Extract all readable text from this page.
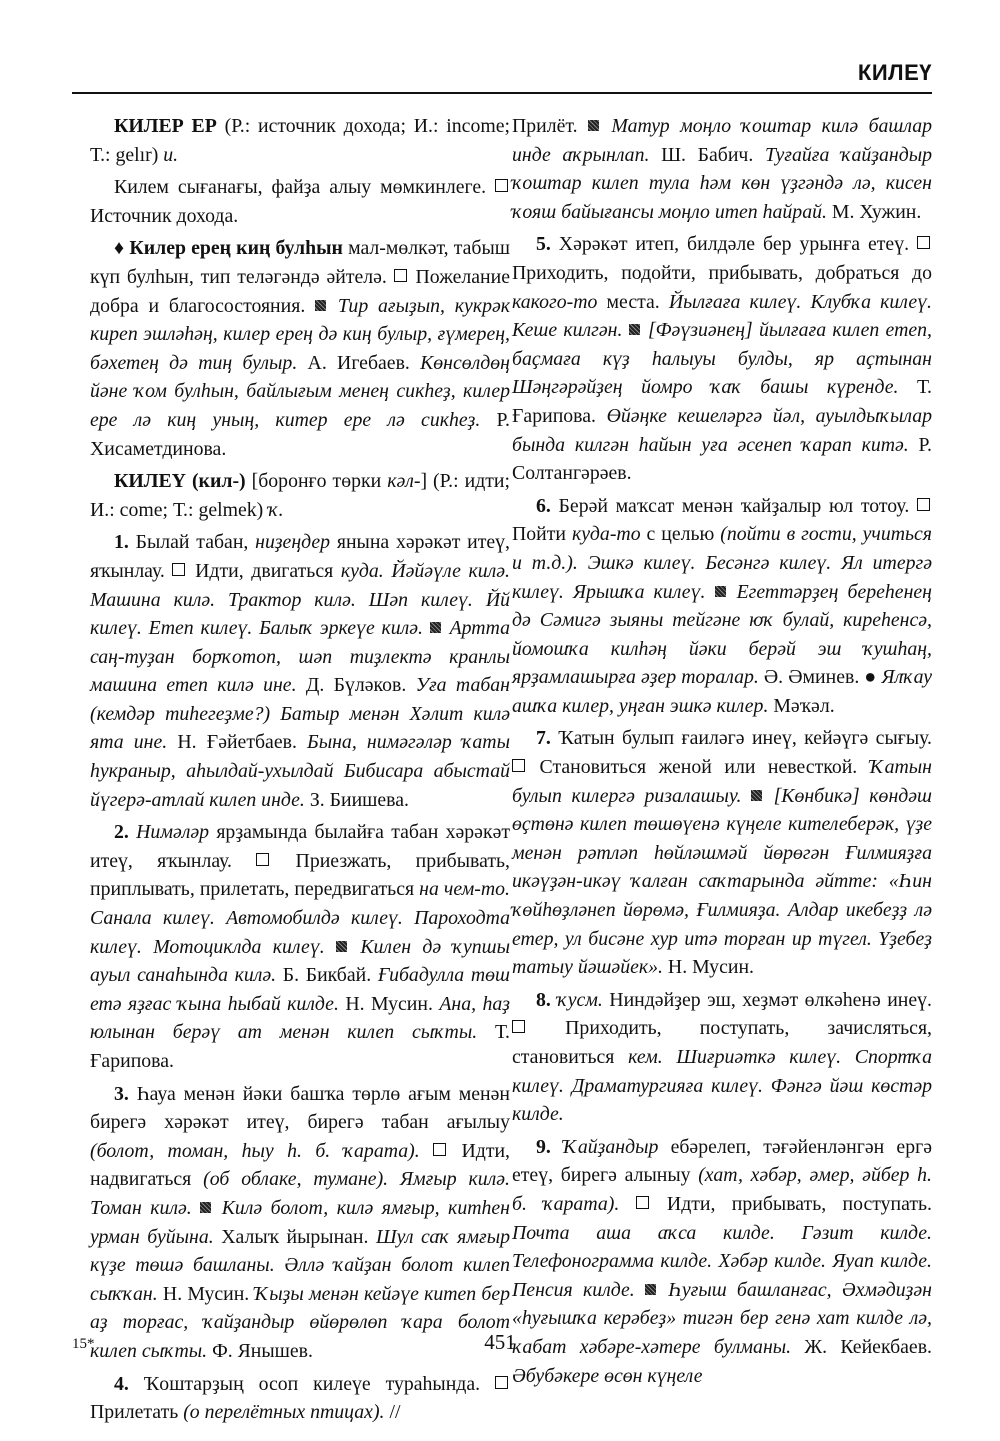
КИЛЕҮ

КИЛЕР ЕР (Р.: источник дохода; И.: income; Т.: gelır) u.

Килем сығанағы, файҙа алыу мөмкинлеге.  Источник дохода.

♦ Килер ерең киң булһын мал-мөлкәт, табыш күп булһын, тип теләгәндә әйтелә.  Пожелание добра и благосостояния.  Тир ағыҙып, кукрәк киреп эшләһәң, килер ерең дә киң булыр, ғүмерең, бәхетең дә тиң булыр. А. Игебаев. Көнсөлдөң йәне ҡом булһын, байлығым менең сикһеҙ, килер ере лә киң уның, китер ере лә сикһеҙ. Р. Хисаметдинова.

КИЛЕҮ (кил-) [боронғо төрки кәл-] (Р.: идти; И.: come; Т.: gelmek) ҡ.

1. Былай табан, ниҙеңдер янына хәрәкәт итеү, яҡынлау.  Идти, двигаться куда. Йәйәүле килә. Машина килә. Трактор килә. Шәп килеү. Йй килеү. Етеп килеү. Балыҡ эркеүе килә.  Артта саң-туҙан борҡотоп, шәп тиҙлектә кранлы машина етеп килә ине. Д. Бүләков. Уға табан (кемдәр тиһегеҙме?) Батыр менән Хәлит килә ята ине. Н. Ғәйетбаев. Бына, нимәгәләр ҡаты һукраныр, аһылдай-ухылдай Бибисара абыстай йүгерә-атлай килеп инде. З. Биишева.

2. Нимәләр ярҙамында былайға табан хәрәкәт итеү, яҡынлау.  Приезжать, прибывать, приплывать, прилетать, передвигаться на чем-то. Санала килеү. Автомобилдә килеү. Пароходта килеү. Мотоциклда килеү.  Килен дә ҡупшы ауыл санаһында килә. Б. Бикбай. Ғибадулла төш етә яҙғас ҡына һыбай килде. Н. Мусин. Ана, һаҙ юлынан берәү ат менән килеп сыҡты. Т. Ғарипова.

3. Һауа менән йәки башҡа төрлө ағым менән бирегә хәрәкәт итеү, бирегә табан ағылыу (болот, томан, һыу һ. б. ҡарата).  Идти, надвигаться (об облаке, тумане). Ямғыр килә. Томан килә.  Килә болот, килә ямғыр, китһен урман буйына. Халыҡ йырынан. Шул саҡ ямғыр күҙе төшә башланы. Әллә ҡайҙан болот килеп сыҡҡан. Н. Мусин. Ҡыҙы менән кейәүе китеп бер аҙ торғас, ҡайҙандыр өйөрөлөп ҡара болот килеп сыҡты. Ф. Янышев.

4. Ҡоштарҙың осоп килеүе тураһында.  Прилетать (о перелётных птицах). //

Прилёт.  Матур моңло ҡоштар килә башлар инде аҡрынлап. Ш. Бабич. Туғайға ҡайҙандыр ҡоштар килеп тула һәм көн үҙгәндә лә, кисен ҡояш байығансы моңло итеп һайрай. М. Хужин.

5. Хәрәкәт итеп, билдәле бер урынға етеү.  Приходить, подойти, прибывать, добраться до какого-то места. Йылғаға килеү. Клубҡа килеү. Кеше килгән.  [Фәүзиәнең] йылғаға килеп етеп, баҫмаға күҙ һалыуы булды, яр аҫтынан Шәңгәрәйҙең йомро ҡаҡ башы күренде. Т. Ғарипова. Өйәңке кешеләргә йәл, ауылдыҡылар бында килгән һайын уға әсенеп ҡарап китә. Р. Солтангәрәев.

6. Берәй маҡсат менән ҡайҙалыр юл тотоу.  Пойти куда-то с целью (пойти в гости, учиться и т.д.). Эшкә килеү. Бесәнгә килеү. Ял итергә килеү. Ярышҡа килеү.  Егеттәрҙең береһенең дә Сәмигә зыяны тейгәне юҡ булай, киреһенсә, йомошҡа килһәң йәки берәй эш ҡушһаң, ярҙамлашырға әҙер торалар. Ә. Әминев. ● Ялҡау ашҡа килер, уңған эшкә килер. Мәҡәл.

7. Ҡатын булып ғаиләгә инеү, кейәүгә сығыу.  Становиться женой или невесткой. Ҡатын булып килергә ризалашыу.  [Көнбикә] көндәш өҫтөнә килеп төшөүенә күңеле кителеберәк, үҙе менән рәтләп һөйләшмәй йөрөгән Ғилмияҙға икәүҙән-икәү ҡалған саҡтарында әйтте: «Һин ҡөйһөҙләнеп йөрөмә, Ғилмияҙа. Алдар икебеҙҙ лә етер, ул бисәне хур итә торған ир түгел. Үҙебеҙ татыу йәшәйек». Н. Мусин.

8. ҡусм. Ниндәйҙер эш, хеҙмәт өлкәһенә инеү.  Приходить, поступать, зачисляться, становиться кем. Шиғриәткә килеү. Спортҡа килеү. Драматургияға килеү. Фәнгә йәш көстәр килде.

9. Ҡайҙандыр ебәрелеп, тәғәйенләнгән ергә етеү, бирегә алыныу (хат, хәбәр, әмер, әйбер һ. б. ҡарата).  Идти, прибывать, поступать. Почта аша аҡса килде. Гәзит килде. Телефонограмма килде. Хәбәр килде. Яуап килде. Пенсия килде.  Һуғыш башланғас, Әхмәдиҙән «һуғышҡа керәбеҙ» тигән бер генә хат килде лә, ҡабат хәбәре-хәтере булманы. Ж. Кейекбаев. Әбубәкере өсөн күңеле

15*	451
